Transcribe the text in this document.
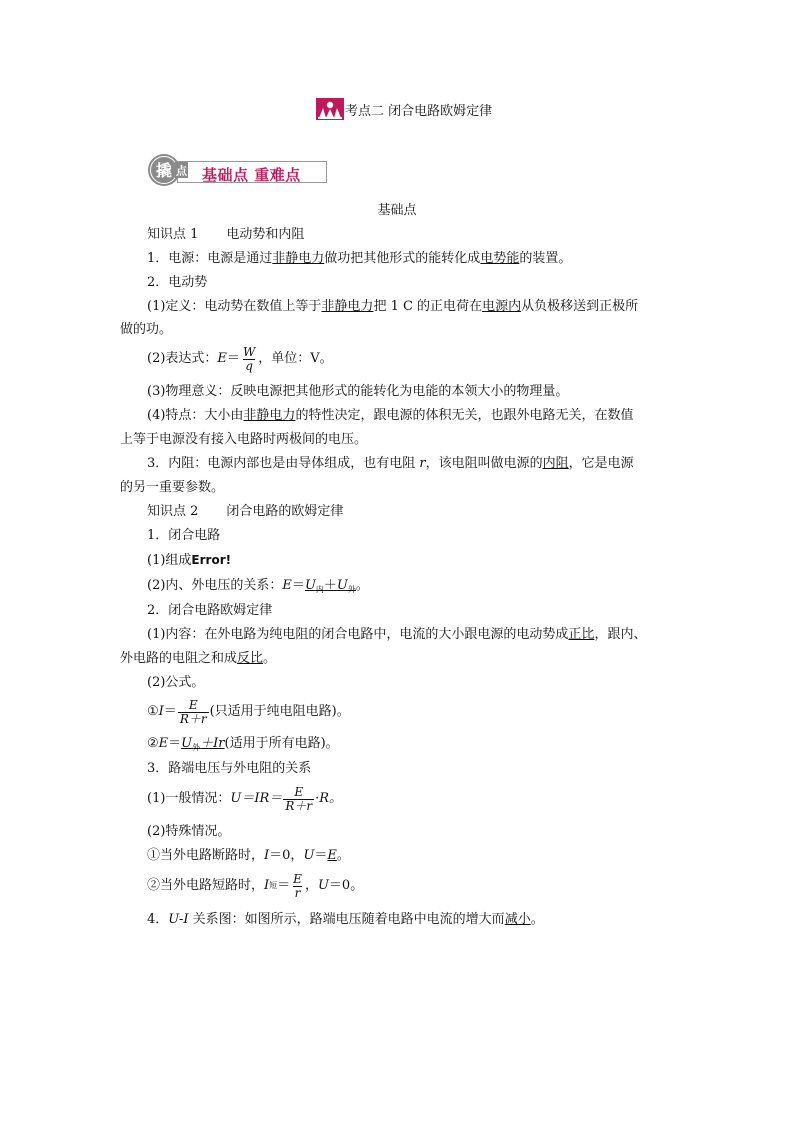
考点二 闭合电路欧姆定律
撬 点 基础点 重难点
基础点
知识点 1 电动势和内阻
1．电源：电源是通过非静电力做功把其他形式的能转化成电势能的装置。
2．电动势
(1)定义：电动势在数值上等于非静电力把 1 C 的正电荷在电源内从负极移送到正极所
做的功。
(2)表达式： $E = \frac{W}{q}$ ，单位：V。
(3)物理意义：反映电源把其他形式的能转化为电能的本领大小的物理量。
(4)特点：大小由非静电力的特性决定，跟电源的体积无关，也跟外电路无关，在数值
上等于电源没有接入电路时两极间的电压。
3．内阻：电源内部也是由导体组成，也有电阻 r，该电阻叫做电源的内阻，它是电源
的另一重要参数。
知识点 2 闭合电路的欧姆定律
1．闭合电路
(1)组成Error!
(2)内、外电压的关系：$E=U_内+U_外$。
2．闭合电路欧姆定律
(1)内容：在外电路为纯电阻的闭合电路中，电流的大小跟电源的电动势成正比，跟内、
外电路的电阻之和成反比。
(2)公式。
① $I = \frac{E}{R+r}$ (只适用于纯电阻电路)。
$②E=U_外+Ir$(适用于所有电路)。
3．路端电压与外电阻的关系
(1)一般情况： $U=IR= \frac{E}{R+r} \cdot R$。
(2)特殊情况。
①当外电路断路时，I＝0，U＝E。
②当外电路短路时， I 短 ＝ $\frac{E}{r}$ ， U ＝0。
4．U-I 关系图：如图所示，路端电压随着电路中电流的增大而减小。
